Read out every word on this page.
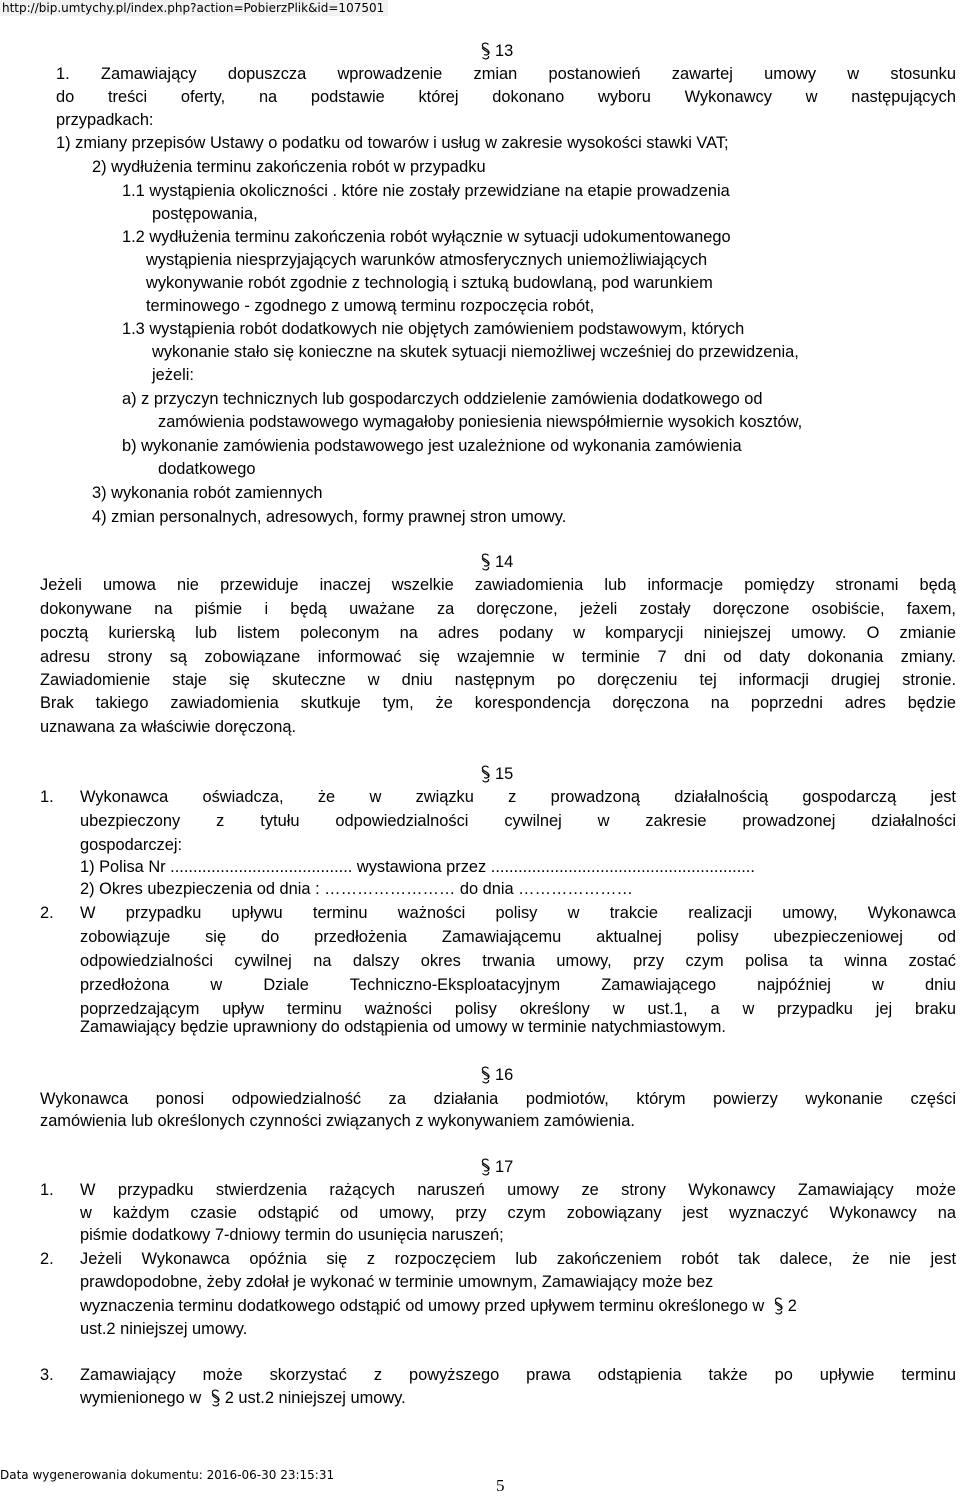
http://bip.umtychy.pl/index.php?action=PobierzPlik&id=107501
13

1. Zamawiający dopuszcza wprowadzenie zmian postanowień zawartej umowy w stosunku

do treści oferty, na podstawie której dokonano wyboru Wykonawcy w następujących

przypadkach:

1) zmiany przepisów Ustawy o podatku od towarów i usług w zakresie wysokości stawki VAT;

2) wydłużenia terminu zakończenia robót w przypadku

1.1 wystąpienia okoliczności . które nie zostały przewidziane na etapie prowadzenia

postępowania,

1.2 wydłużenia terminu zakończenia robót wyłącznie w sytuacji udokumentowanego

wystąpienia niesprzyjających warunków atmosferycznych uniemożliwiających

wykonywanie robót zgodnie z technologią i sztuką budowlaną, pod warunkiem

terminowego - zgodnego z umową terminu rozpoczęcia robót,

1.3 wystąpienia robót dodatkowych nie objętych zamówieniem podstawowym, których

wykonanie stało się konieczne na skutek sytuacji niemożliwej wcześniej do przewidzenia,

jeżeli:

a) z przyczyn technicznych lub gospodarczych oddzielenie zamówienia dodatkowego od

zamówienia podstawowego wymagałoby poniesienia niewspółmiernie wysokich kosztów,

b) wykonanie zamówienia podstawowego jest uzależnione od wykonania zamówienia

dodatkowego

3) wykonania robót zamiennych

4) zmian personalnych, adresowych, formy prawnej stron umowy.

14

Jeżeli umowa nie przewiduje inaczej wszelkie zawiadomienia lub informacje pomiędzy stronami będą

dokonywane na piśmie i będą uważane za doręczone, jeżeli zostały doręczone osobiście, faxem,

pocztą kurierską lub listem poleconym na adres podany w komparycji niniejszej umowy. O zmianie

adresu strony są zobowiązane informować się wzajemnie w terminie 7 dni od daty dokonania zmiany.

Zawiadomienie staje się skuteczne w dniu następnym po doręczeniu tej informacji drugiej stronie.

Brak takiego zawiadomienia skutkuje tym, że korespondencja doręczona na poprzedni adres będzie

uznawana za właściwie doręczoną.

15

1. Wykonawca oświadcza, że w związku z prowadzoną działalnością gospodarczą jest

ubezpieczony z tytułu odpowiedzialności cywilnej w zakresie prowadzonej działalności

gospodarczej:

1) Polisa Nr ........................................ wystawiona przez ..........................................................

2) Okres ubezpieczenia od dnia : …………………… do dnia …………………

2. W przypadku upływu terminu ważności polisy w trakcie realizacji umowy, Wykonawca

zobowiązuje się do przedłożenia Zamawiającemu aktualnej polisy ubezpieczeniowej od

odpowiedzialności cywilnej na dalszy okres trwania umowy, przy czym polisa ta winna zostać

przedłożona w Dziale Techniczno-Eksploatacyjnym Zamawiającego najpóźniej w dniu

poprzedzającym upływ terminu ważności polisy określony w ust.1, a w przypadku jej braku

Zamawiający będzie uprawniony do odstąpienia od umowy w terminie natychmiastowym.

16

Wykonawca ponosi odpowiedzialność za działania podmiotów, którym powierzy wykonanie części

zamówienia lub określonych czynności związanych z wykonywaniem zamówienia.

17

1. W przypadku stwierdzenia rażących naruszeń umowy ze strony Wykonawcy Zamawiający może

w każdym czasie odstąpić od umowy, przy czym zobowiązany jest wyznaczyć Wykonawcy na

piśmie dodatkowy 7-dniowy termin do usunięcia naruszeń;

2. Jeżeli Wykonawca opóźnia się z rozpoczęciem lub zakończeniem robót tak dalece, że nie jest

prawdopodobne, żeby zdołał je wykonać w terminie umownym, Zamawiający może bez

wyznaczenia terminu dodatkowego odstąpić od umowy przed upływem terminu określonego w 2

ust.2 niniejszej umowy.

3. Zamawiający może skorzystać z powyższego prawa odstąpienia także po upływie terminu

wymienionego w 2 ust.2 niniejszej umowy.
Data wygenerowania dokumentu: 2016-06-30 23:15:31
5
